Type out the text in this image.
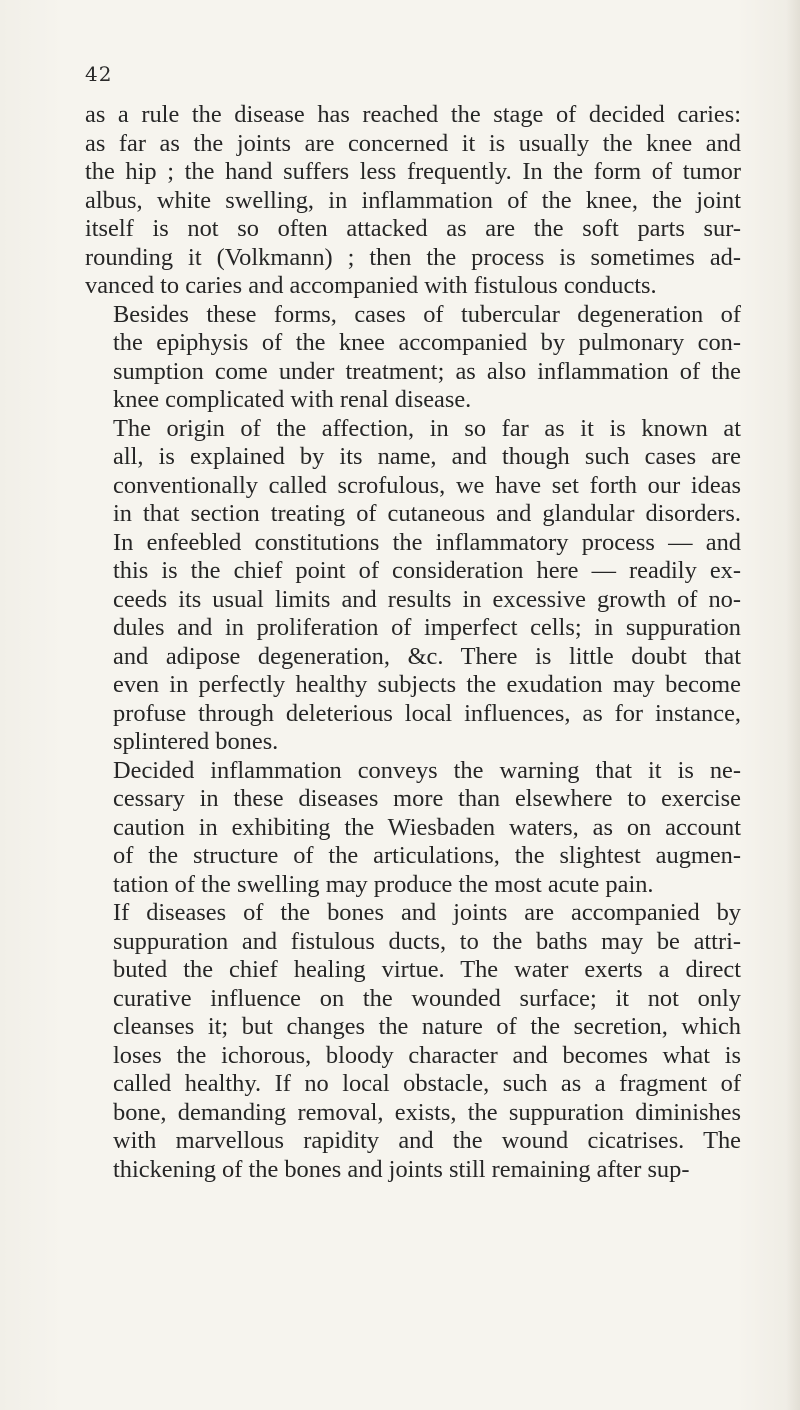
42

as a rule the disease has reached the stage of decided caries:
as far as the joints are concerned it is usually the knee and
the hip ; the hand suffers less frequently. In the form of tumor
albus, white swelling, in inflammation of the knee, the joint
itself is not so often attacked as are the soft parts sur-
rounding it (Volkmann) ; then the process is sometimes ad-
vanced to caries and accompanied with fistulous conducts.

Besides these forms, cases of tubercular degeneration of
the epiphysis of the knee accompanied by pulmonary con-
sumption come under treatment; as also inflammation of the
knee complicated with renal disease.

The origin of the affection, in so far as it is known at
all, is explained by its name, and though such cases are
conventionally called scrofulous, we have set forth our ideas
in that section treating of cutaneous and glandular disorders.
In enfeebled constitutions the inflammatory process — and
this is the chief point of consideration here — readily ex-
ceeds its usual limits and results in excessive growth of no-
dules and in proliferation of imperfect cells; in suppuration
and adipose degeneration, &c. There is little doubt that
even in perfectly healthy subjects the exudation may become
profuse through deleterious local influences, as for instance,
splintered bones.

Decided inflammation conveys the warning that it is ne-
cessary in these diseases more than elsewhere to exercise
caution in exhibiting the Wiesbaden waters, as on account
of the structure of the articulations, the slightest augmen-
tation of the swelling may produce the most acute pain.

If diseases of the bones and joints are accompanied by
suppuration and fistulous ducts, to the baths may be attri-
buted the chief healing virtue. The water exerts a direct
curative influence on the wounded surface; it not only
cleanses it; but changes the nature of the secretion, which
loses the ichorous, bloody character and becomes what is
called healthy. If no local obstacle, such as a fragment of
bone, demanding removal, exists, the suppuration diminishes
with marvellous rapidity and the wound cicatrises. The
thickening of the bones and joints still remaining after sup-
